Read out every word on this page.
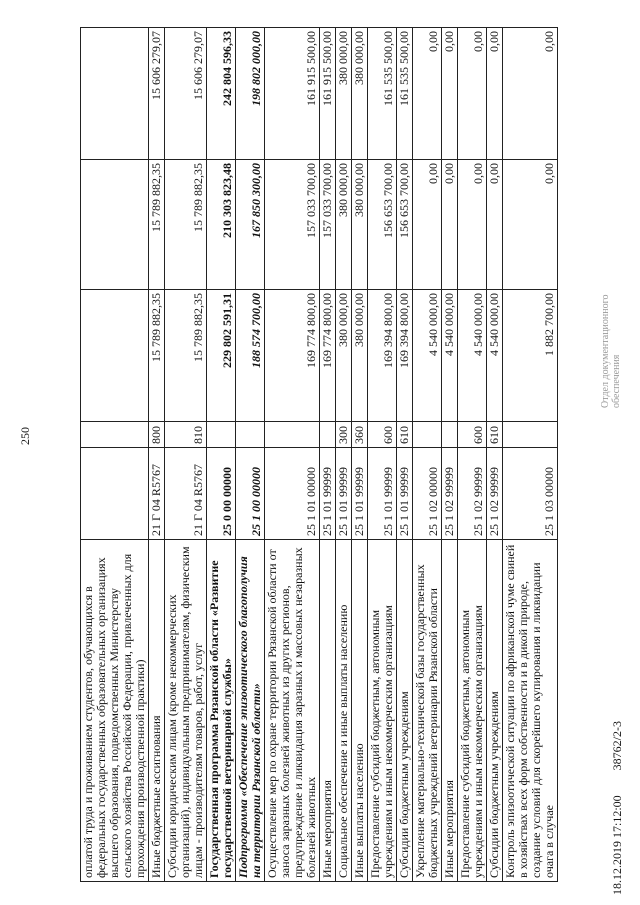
250
оплатой труда и проживанием студентов, обучающихся в федеральных государственных образовательных организациях высшего образования, подведомственных Министерству сельского хозяйства Российской Федерации, привлеченных для прохождения производственной практики)					
Иные бюджетные ассигнования	21 Г 04 R5767	800	15 789 882,35	15 789 882,35	15 606 279,07
Субсидии юридическим лицам (кроме некоммерческих организаций), индивидуальным предпринимателям, физическим лицам - производителям товаров, работ, услуг	21 Г 04 R5767	810	15 789 882,35	15 789 882,35	15 606 279,07
Государственная программа Рязанской области «Развитие государственной ветеринарной службы»	25 0 00 00000		229 802 591,31	210 303 823,48	242 804 596,33
Подпрограмма «Обеспечение эпизоотического благополучия на территории Рязанской области»	25 1 00 00000		188 574 700,00	167 850 300,00	198 802 000,00
Осуществление мер по охране территории Рязанской области от заноса заразных болезней животных из других регионов, предупреждение и ликвидация заразных и массовых незаразных болезней животных	25 1 01 00000		169 774 800,00	157 033 700,00	161 915 500,00
Иные мероприятия	25 1 01 99999		169 774 800,00	157 033 700,00	161 915 500,00
Социальное обеспечение и иные выплаты населению	25 1 01 99999	300	380 000,00	380 000,00	380 000,00
Иные выплаты населению	25 1 01 99999	360	380 000,00	380 000,00	380 000,00
Предоставление субсидий бюджетным, автономным учреждениям и иным некоммерческим организациям	25 1 01 99999	600	169 394 800,00	156 653 700,00	161 535 500,00
Субсидии бюджетным учреждениям	25 1 01 99999	610	169 394 800,00	156 653 700,00	161 535 500,00
Укрепление материально-технической базы государственных бюджетных учреждений ветеринарии Рязанской области	25 1 02 00000		4 540 000,00	0,00	0,00
Иные мероприятия	25 1 02 99999		4 540 000,00	0,00	0,00
Предоставление субсидий бюджетным, автономным учреждениям и иным некоммерческим организациям	25 1 02 99999	600	4 540 000,00	0,00	0,00
Субсидии бюджетным учреждениям	25 1 02 99999	610	4 540 000,00	0,00	0,00
Контроль эпизоотической ситуации по африканской чуме свиней в хозяйствах всех форм собственности и в дикой природе, создание условий для скорейшего купирования и ликвидации очага в случае	25 1 03 00000		1 882 700,00	0,00	0,00
Отдел документационного обеспечения
18.12.2019 17:12:00 38762/2-3
